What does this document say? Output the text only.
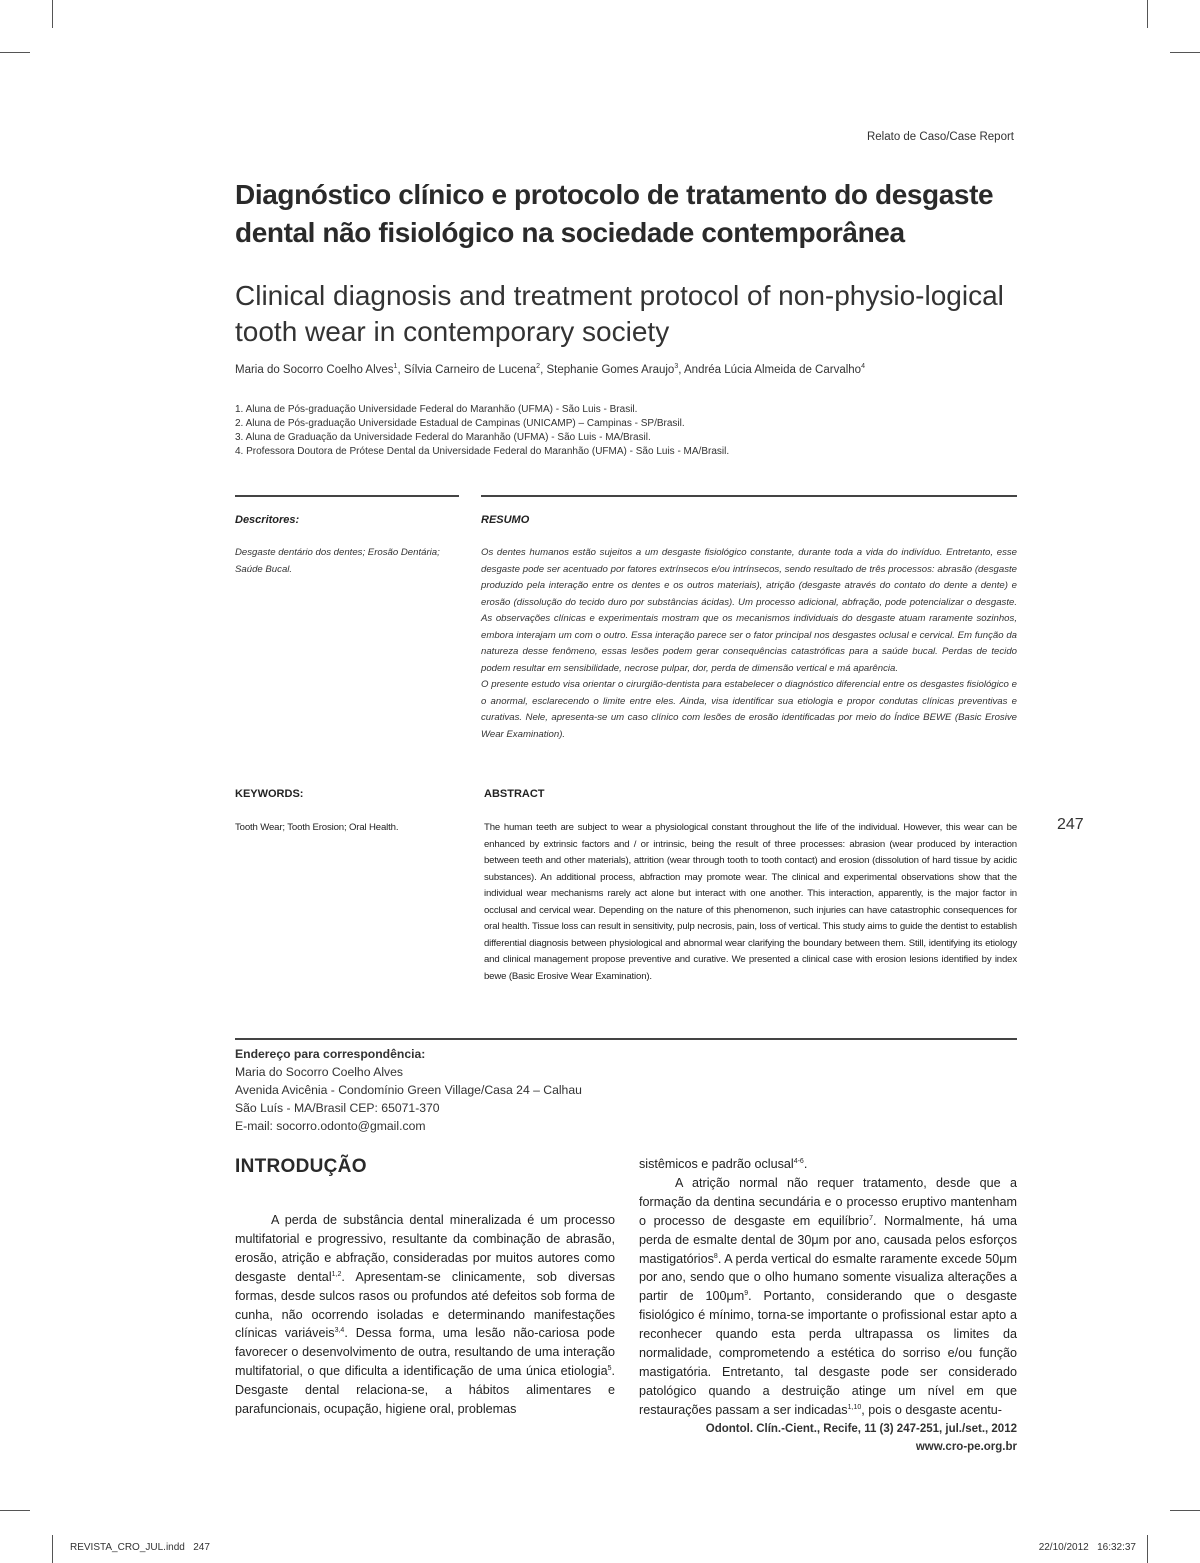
Relato de Caso/Case Report
Diagnóstico clínico e protocolo de tratamento do desgaste dental não fisiológico na sociedade contemporânea
Clinical diagnosis and treatment protocol of non-physio-logical tooth wear in contemporary society
Maria do Socorro Coelho Alves$^1$, Sílvia Carneiro de Lucena$^2$, Stephanie Gomes Araujo$^3$, Andréa Lúcia Almeida de Carvalho$^4$
1. Aluna de Pós-graduação Universidade Federal do Maranhão (UFMA) - São Luis - Brasil.
2. Aluna de Pós-graduação Universidade Estadual de Campinas (UNICAMP) – Campinas - SP/Brasil.
3. Aluna de Graduação da Universidade Federal do Maranhão (UFMA) - São Luis - MA/Brasil.
4. Professora Doutora de Prótese Dental da Universidade Federal do Maranhão (UFMA) - São Luis - MA/Brasil.
Descritores:
Desgaste dentário dos dentes; Erosão Dentária; Saúde Bucal.
RESUMO
Os dentes humanos estão sujeitos a um desgaste fisiológico constante, durante toda a vida do indivíduo. Entretanto, esse desgaste pode ser acentuado por fatores extrínsecos e/ou intrínsecos, sendo resultado de três processos: abrasão (desgaste produzido pela interação entre os dentes e os outros materiais), atrição (desgaste através do contato do dente a dente) e erosão (dissolução do tecido duro por substâncias ácidas). Um processo adicional, abfração, pode potencializar o desgaste. As observações clínicas e experimentais mostram que os mecanismos individuais do desgaste atuam raramente sozinhos, embora interajam um com o outro. Essa interação parece ser o fator principal nos desgastes oclusal e cervical. Em função da natureza desse fenômeno, essas lesões podem gerar consequências catastróficas para a saúde bucal. Perdas de tecido podem resultar em sensibilidade, necrose pulpar, dor, perda de dimensão vertical e má aparência.
O presente estudo visa orientar o cirurgião-dentista para estabelecer o diagnóstico diferencial entre os desgastes fisiológico e o anormal, esclarecendo o limite entre eles. Ainda, visa identificar sua etiologia e propor condutas clínicas preventivas e curativas. Nele, apresenta-se um caso clínico com lesões de erosão identificadas por meio do Índice BEWE (Basic Erosive Wear Examination).
KEYWORDS:
Tooth Wear; Tooth Erosion; Oral Health.
ABSTRACT
The human teeth are subject to wear a physiological constant throughout the life of the individual. However, this wear can be enhanced by extrinsic factors and / or intrinsic, being the result of three processes: abrasion (wear produced by interaction between teeth and other materials), attrition (wear through tooth to tooth contact) and erosion (dissolution of hard tissue by acidic substances). An additional process, abfraction may promote wear. The clinical and experimental observations show that the individual wear mechanisms rarely act alone but interact with one another. This interaction, apparently, is the major factor in occlusal and cervical wear. Depending on the nature of this phenomenon, such injuries can have catastrophic consequences for oral health. Tissue loss can result in sensitivity, pulp necrosis, pain, loss of vertical. This study aims to guide the dentist to establish differential diagnosis between physiological and abnormal wear clarifying the boundary between them. Still, identifying its etiology and clinical management propose preventive and curative. We presented a clinical case with erosion lesions identified by index bewe (Basic Erosive Wear Examination).
247
Endereço para correspondência:
Maria do Socorro Coelho Alves
Avenida Avicênia - Condomínio Green Village/Casa 24 – Calhau
São Luís - MA/Brasil CEP: 65071-370
E-mail: socorro.odonto@gmail.com
INTRODUÇÃO
A perda de substância dental mineralizada é um processo multifatorial e progressivo, resultante da combinação de abrasão, erosão, atrição e abfração, consideradas por muitos autores como desgaste dental$^{1,2}$. Apresentam-se clinicamente, sob diversas formas, desde sulcos rasos ou profundos até defeitos sob forma de cunha, não ocorrendo isoladas e determinando manifestações clínicas variáveis$^{3,4}$. Dessa forma, uma lesão não-cariosa pode favorecer o desenvolvimento de outra, resultando de uma interação multifatorial, o que dificulta a identificação de uma única etiologia$^5$. Desgaste dental relaciona-se, a hábitos alimentares e parafuncionais, ocupação, higiene oral, problemas
sistêmicos e padrão oclusal$^{4-6}$.
A atrição normal não requer tratamento, desde que a formação da dentina secundária e o processo eruptivo mantenham o processo de desgaste em equilíbrio$^7$. Normalmente, há uma perda de esmalte dental de 30μm por ano, causada pelos esforços mastigatórios$^8$. A perda vertical do esmalte raramente excede 50μm por ano, sendo que o olho humano somente visualiza alterações a partir de $100\mu m^9$. Portanto, considerando que o desgaste fisiológico é mínimo, torna-se importante o profissional estar apto a reconhecer quando esta perda ultrapassa os limites da normalidade, comprometendo a estética do sorriso e/ou função mastigatória. Entretanto, tal desgaste pode ser considerado patológico quando a destruição atinge um nível em que restaurações passam a ser indicadas$^{1,10}$, pois o desgaste acentu-
Odontol. Clín.-Cient., Recife, 11 (3) 247-251, jul./set., 2012
www.cro-pe.org.br
REVISTA_CRO_JUL.indd   247	22/10/2012   16:32:37
